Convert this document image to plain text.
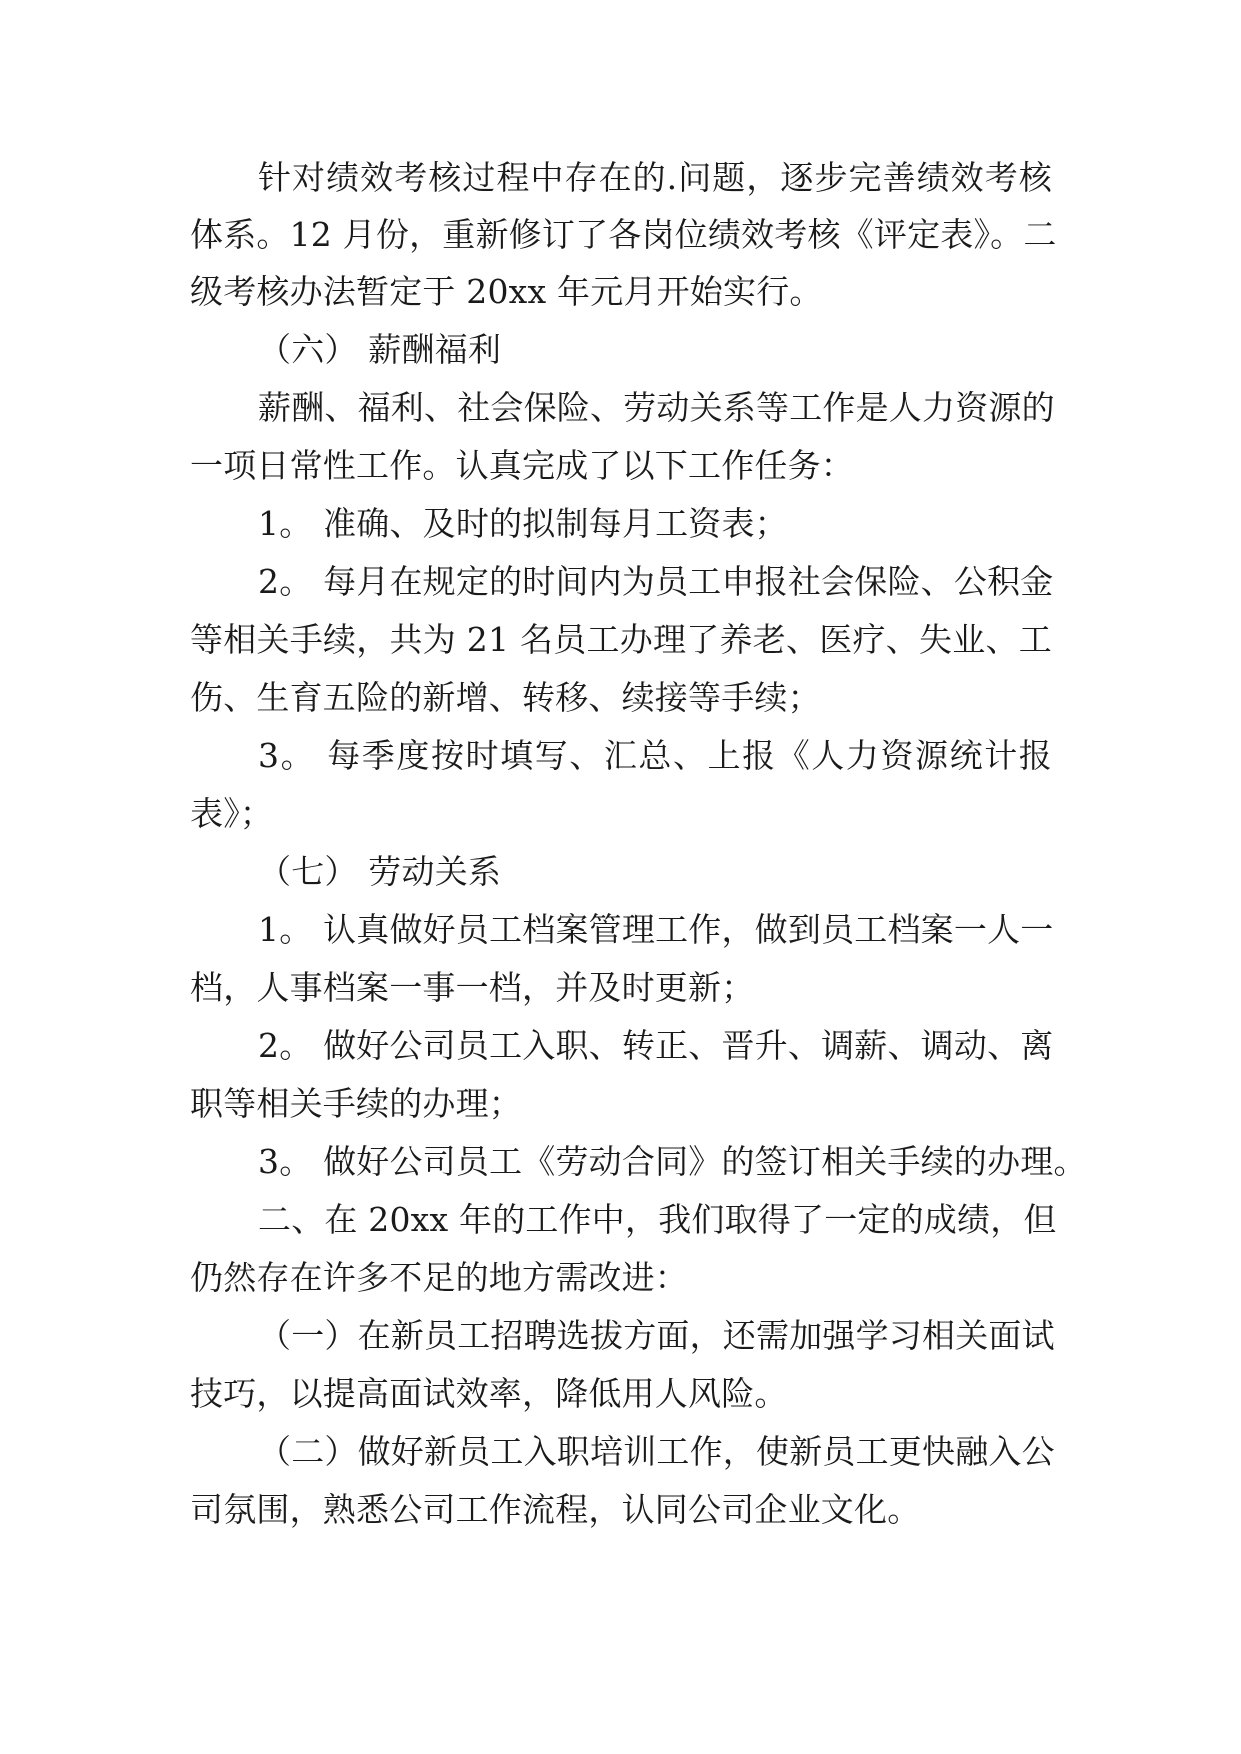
针对绩效考核过程中存在的.问题，逐步完善绩效考核
体系。12 月份，重新修订了各岗位绩效考核《评定表》。二
级考核办法暂定于 20xx 年元月开始实行。
（六） 薪酬福利
薪酬、福利、社会保险、劳动关系等工作是人力资源的
一项日常性工作。认真完成了以下工作任务：
1。 准确、及时的拟制每月工资表；
2。 每月在规定的时间内为员工申报社会保险、公积金
等相关手续，共为 21 名员工办理了养老、医疗、失业、工
伤、生育五险的新增、转移、续接等手续；
3。 每季度按时填写、汇总、上报《人力资源统计报
表》；
（七） 劳动关系
1。 认真做好员工档案管理工作，做到员工档案一人一
档，人事档案一事一档，并及时更新；
2。 做好公司员工入职、转正、晋升、调薪、调动、离
职等相关手续的办理；
3。 做好公司员工《劳动合同》的签订相关手续的办理。
二、在 20xx 年的工作中，我们取得了一定的成绩，但
仍然存在许多不足的地方需改进：
（一）在新员工招聘选拔方面，还需加强学习相关面试
技巧，以提高面试效率，降低用人风险。
（二）做好新员工入职培训工作，使新员工更快融入公
司氛围，熟悉公司工作流程，认同公司企业文化。
